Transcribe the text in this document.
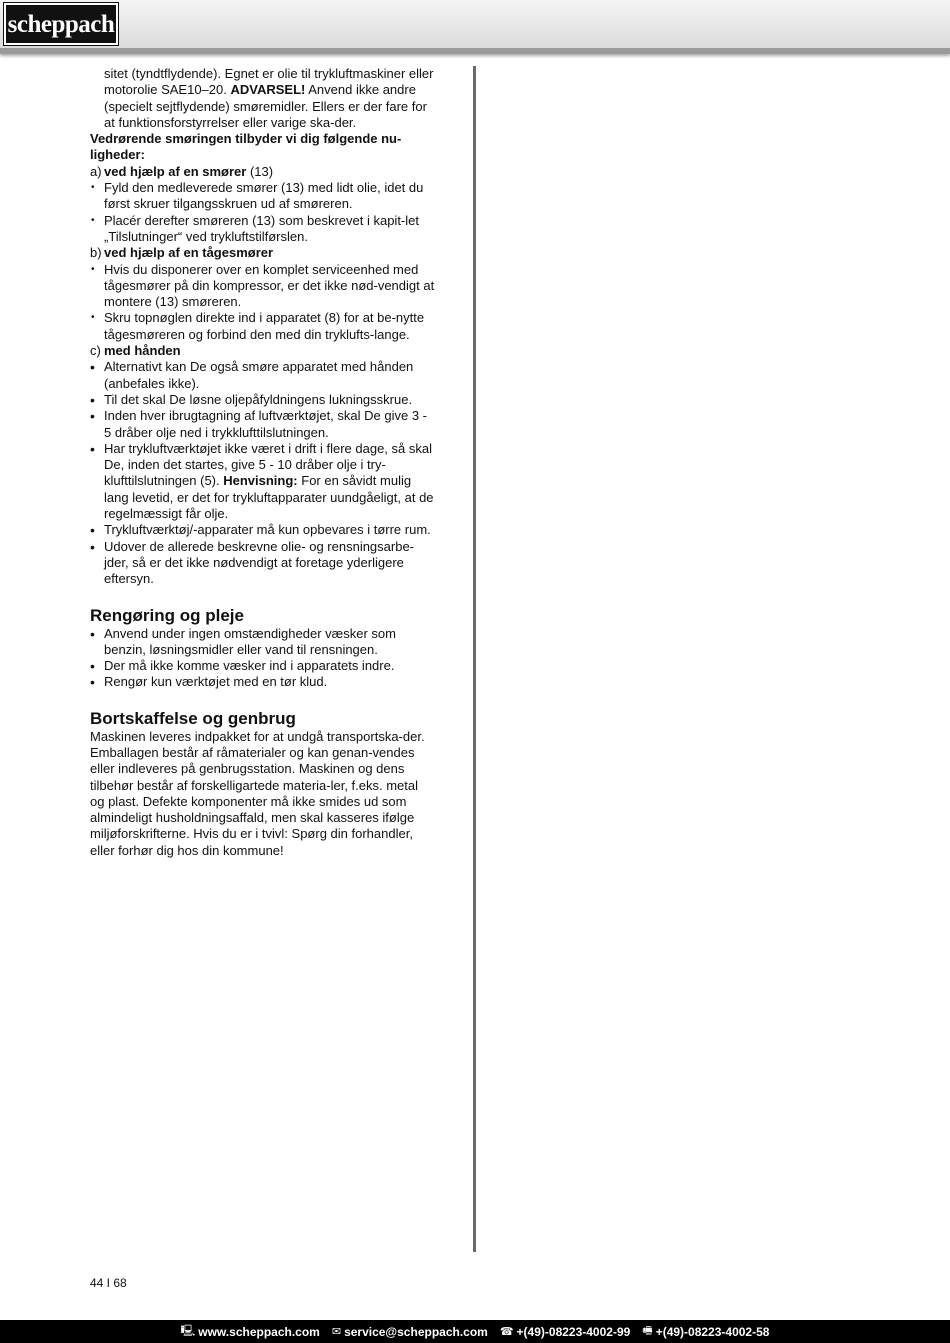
scheppach

sitet (tyndtflydende). Egnet er olie til trykluftmaskiner eller motorolie SAE10–20. ADVARSEL! Anvend ikke andre (specielt sejtflydende) smøremidler. Ellers er der fare for at funktionsforstyrrelser eller varige ska-der.

Vedrørende smøringen tilbyder vi dig følgende nu-ligheder:

a) ved hjælp af en smører (13)
• Fyld den medleverede smører (13) med lidt olie, idet du først skruer tilgangsskruen ud af smøreren.
• Placér derefter smøreren (13) som beskrevet i kapit-let „Tilslutninger“ ved trykluftstilførslen.
b) ved hjælp af en tågesmører
• Hvis du disponerer over en komplet serviceenhed med tågesmører på din kompressor, er det ikke nød-vendigt at montere (13) smøreren.
• Skru topnøglen direkte ind i apparatet (8) for at be-nytte tågesmøreren og forbind den med din tryklufts-lange.
c) med hånden
• Alternativt kan De også smøre apparatet med hånden (anbefales ikke).
• Til det skal De løsne oljepåfyldningens lukningsskrue.
• Inden hver ibrugtagning af luftværktøjet, skal De give 3 - 5 dråber olje ned i trykklufttilslutningen.
• Har trykluftværktøjet ikke været i drift i flere dage, så skal De, inden det startes, give 5 - 10 dråber olje i try-klufttilslutningen (5). Henvisning: For en såvidt mulig lang levetid, er det for trykluftapparater uundgåeligt, at de regelmæssigt får olje.
• Trykluftværktøj/-apparater må kun opbevares i tørre rum.
• Udover de allerede beskrevne olie- og rensningsarbe-jder, så er det ikke nødvendigt at foretage yderligere eftersyn.
Rengøring og pleje
• Anvend under ingen omstændigheder væsker som benzin, løsningsmidler eller vand til rensningen.
• Der må ikke komme væsker ind i apparatets indre.
• Rengør kun værktøjet med en tør klud.
Bortskaffelse og genbrug

Maskinen leveres indpakket for at undgå transportska-der. Emballagen består af råmaterialer og kan genan-vendes eller indleveres på genbrugsstation. Maskinen og dens tilbehør består af forskelligartede materia-ler, f.eks. metal og plast. Defekte komponenter må ikke smides ud som almindeligt husholdningsaffald, men skal kasseres ifølge miljøforskrifterne. Hvis du er i tvivl: Spørg din forhandler, eller forhør dig hos din kommune!

44 I 68
🖳 www.scheppach.com ✉ service@scheppach.com ☎ +(49)-08223-4002-99 🖷 +(49)-08223-4002-58
